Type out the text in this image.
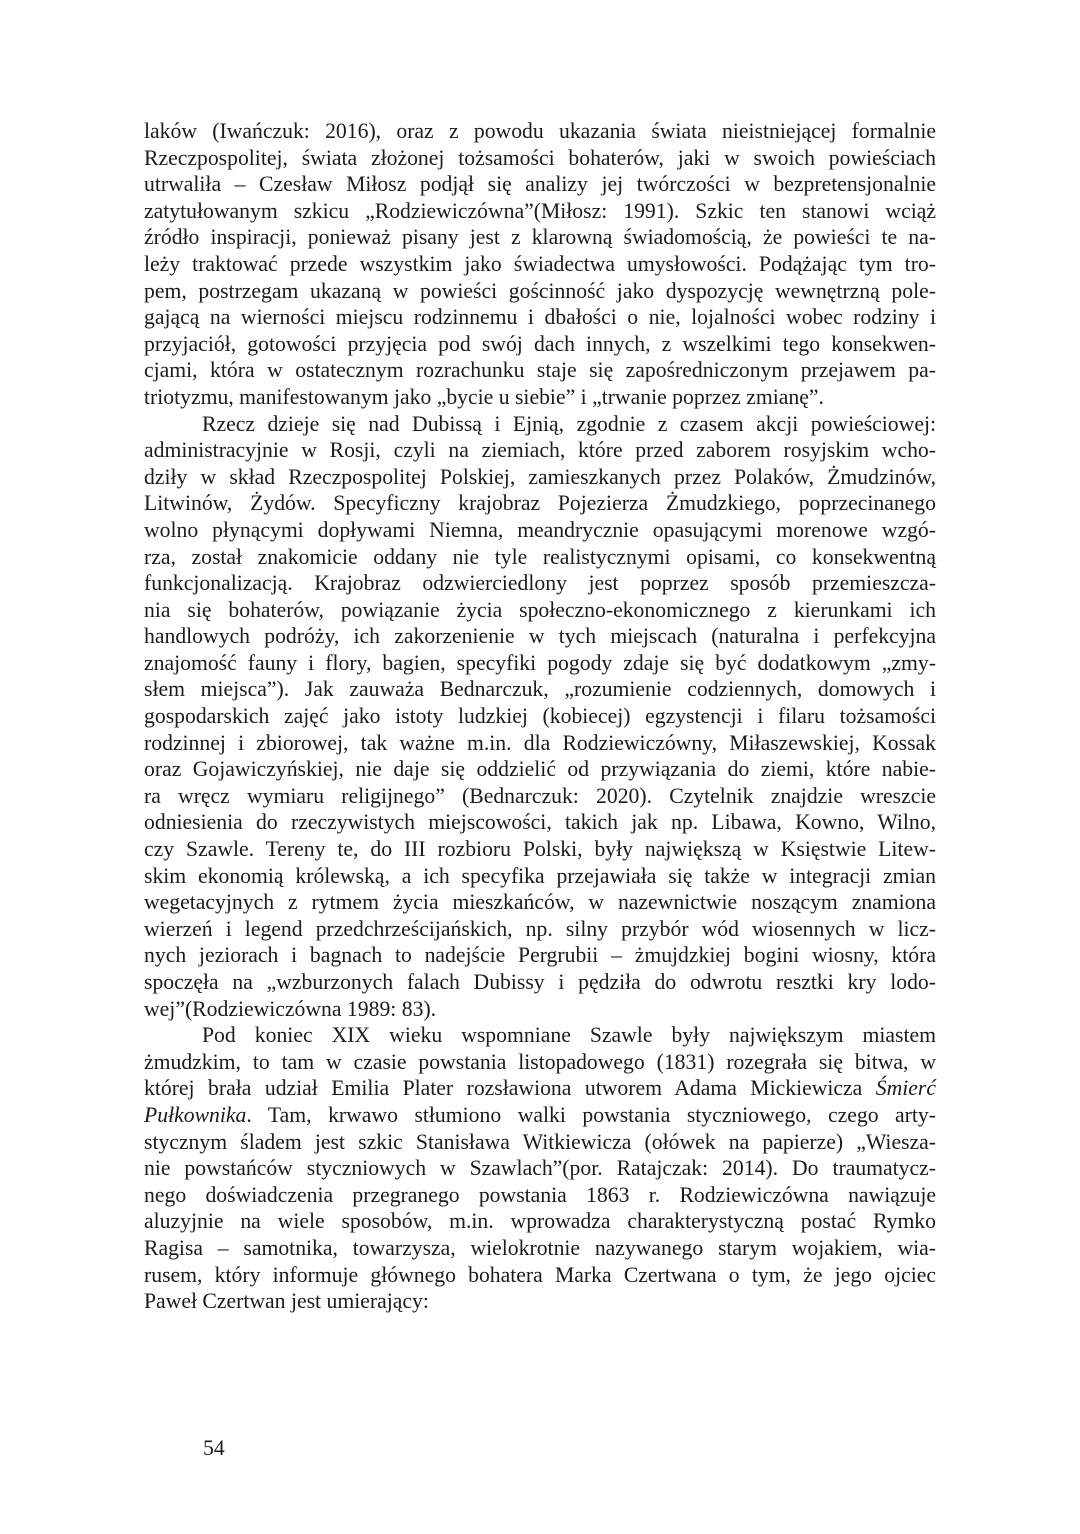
laków (Iwańczuk: 2016), oraz z powodu ukazania świata nieistniejącej formalnie
Rzeczpospolitej, świata złożonej tożsamości bohaterów, jaki w swoich powieściach
utrwaliła – Czesław Miłosz podjął się analizy jej twórczości w bezpretensjonalnie
zatytułowanym szkicu „Rodziewiczówna”(Miłosz: 1991). Szkic ten stanowi wciąż
źródło inspiracji, ponieważ pisany jest z klarowną świadomością, że powieści te na-
leży traktować przede wszystkim jako świadectwa umysłowości. Podążając tym tro-
pem, postrzegam ukazaną w powieści gościnność jako dyspozycję wewnętrzną pole-
gającą na wierności miejscu rodzinnemu i dbałości o nie, lojalności wobec rodziny i
przyjaciół, gotowości przyjęcia pod swój dach innych, z wszelkimi tego konsekwen-
cjami, która w ostatecznym rozrachunku staje się zapośredniczonym przejawem pa-
triotyzmu, manifestowanym jako „bycie u siebie” i „trwanie poprzez zmianę”.
Rzecz dzieje się nad Dubissą i Ejnią, zgodnie z czasem akcji powieściowej:
administracyjnie w Rosji, czyli na ziemiach, które przed zaborem rosyjskim wcho-
dziły w skład Rzeczpospolitej Polskiej, zamieszkanych przez Polaków, Żmudzinów,
Litwinów, Żydów. Specyficzny krajobraz Pojezierza Żmudzkiego, poprzecinanego
wolno płynącymi dopływami Niemna, meandrycznie opasującymi morenowe wzgó-
rza, został znakomicie oddany nie tyle realistycznymi opisami, co konsekwentną
funkcjonalizacją. Krajobraz odzwierciedlony jest poprzez sposób przemieszcza-
nia się bohaterów, powiązanie życia społeczno-ekonomicznego z kierunkami ich
handlowych podróży, ich zakorzenienie w tych miejscach (naturalna i perfekcyjna
znajomość fauny i flory, bagien, specyfiki pogody zdaje się być dodatkowym „zmy-
słem miejsca”). Jak zauważa Bednarczuk, „rozumienie codziennych, domowych i
gospodarskich zajęć jako istoty ludzkiej (kobiecej) egzystencji i filaru tożsamości
rodzinnej i zbiorowej, tak ważne m.in. dla Rodziewiczówny, Miłaszewskiej, Kossak
oraz Gojawiczyńskiej, nie daje się oddzielić od przywiązania do ziemi, które nabie-
ra wręcz wymiaru religijnego” (Bednarczuk: 2020). Czytelnik znajdzie wreszcie
odniesienia do rzeczywistych miejscowości, takich jak np. Libawa, Kowno, Wilno,
czy Szawle. Tereny te, do III rozbioru Polski, były największą w Księstwie Litew-
skim ekonomią królewską, a ich specyfika przejawiała się także w integracji zmian
wegetacyjnych z rytmem życia mieszkańców, w nazewnictwie noszącym znamiona
wierzeń i legend przedchrześcijańskich, np. silny przybór wód wiosennych w licz-
nych jeziorach i bagnach to nadejście Pergrubii – żmujdzkiej bogini wiosny, która
spoczęła na „wzburzonych falach Dubissy i pędziła do odwrotu resztki kry lodo-
wej”(Rodziewiczówna 1989: 83).
Pod koniec XIX wieku wspomniane Szawle były największym miastem
żmudzkim, to tam w czasie powstania listopadowego (1831) rozegrała się bitwa, w
której brała udział Emilia Plater rozsławiona utworem Adama Mickiewicza Śmierć
Pułkownika. Tam, krwawo stłumiono walki powstania styczniowego, czego arty-
stycznym śladem jest szkic Stanisława Witkiewicza (ołówek na papierze) „Wiesza-
nie powstańców styczniowych w Szawlach”(por. Ratajczak: 2014). Do traumatycz-
nego doświadczenia przegranego powstania 1863 r. Rodziewiczówna nawiązuje
aluzyjnie na wiele sposobów, m.in. wprowadza charakterystyczną postać Rymko
Ragisa – samotnika, towarzysza, wielokrotnie nazywanego starym wojakiem, wia-
rusem, który informuje głównego bohatera Marka Czertwana o tym, że jego ojciec
Paweł Czertwan jest umierający:
54
